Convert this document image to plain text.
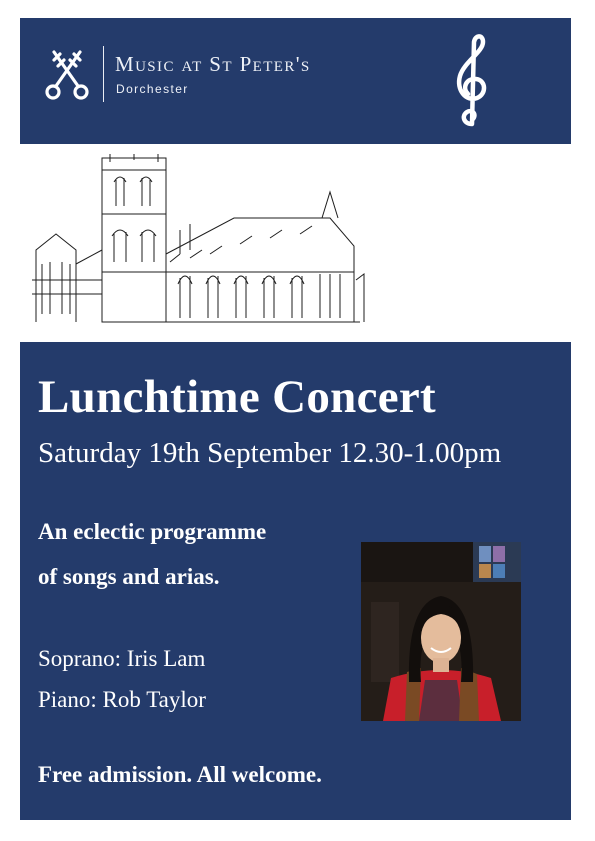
Music at St Peter's
Dorchester
Lunchtime Concert
Saturday 19th September 12.30-1.00pm
An eclectic programme
of songs and arias.
Soprano: Iris Lam
Piano: Rob Taylor
Free admission. All welcome.
